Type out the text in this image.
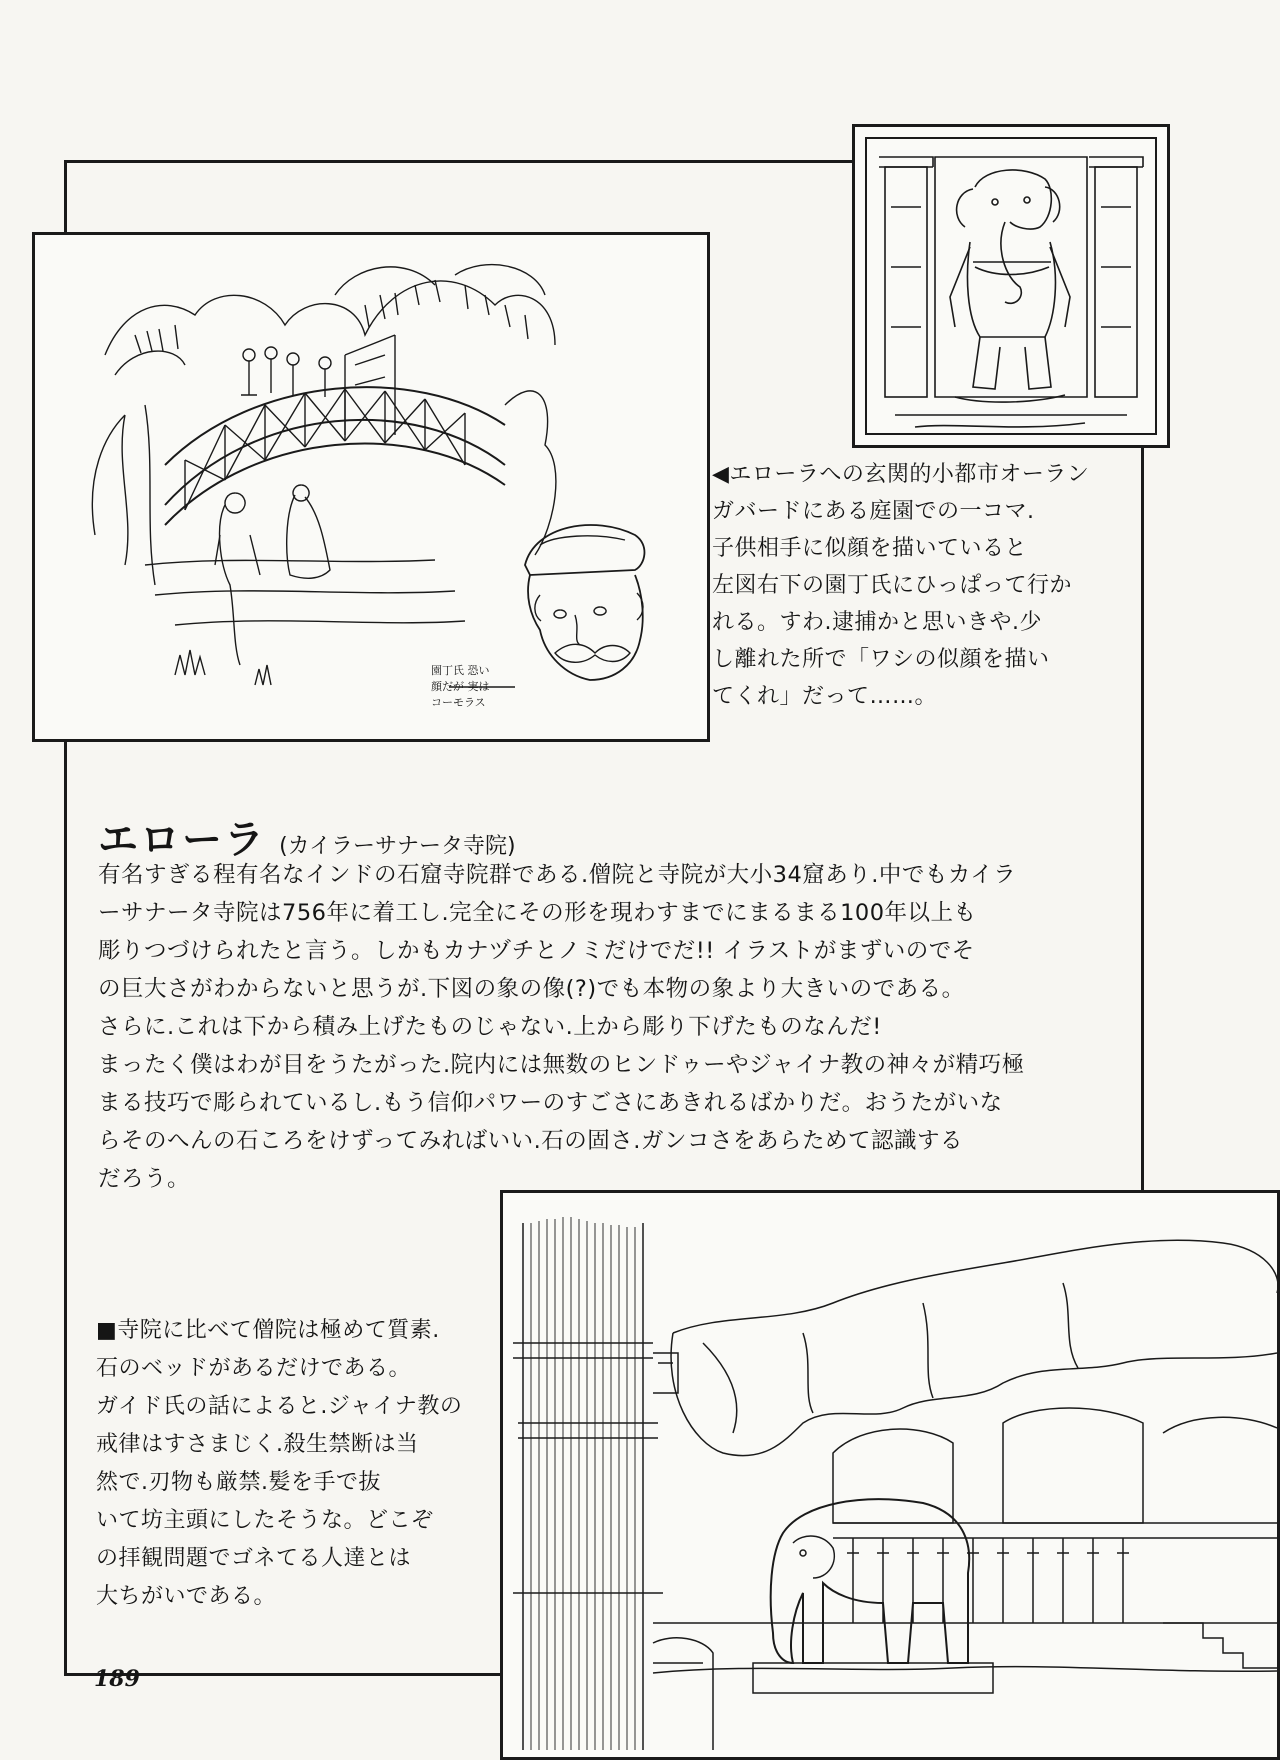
園丁氏 恐い
顔だが 実は
コーモラス
◀エローラへの玄関的小都市オーラン
ガバードにある庭園での一コマ.
子供相手に似顔を描いていると
左図右下の園丁氏にひっぱって行か
れる。すわ.逮捕かと思いきや.少
し離れた所で「ワシの似顔を描い
てくれ」だって……。
エローラ (カイラーサナータ寺院)

有名すぎる程有名なインドの石窟寺院群である.僧院と寺院が大小34窟あり.中でもカイラ

ーサナータ寺院は756年に着工し.完全にその形を現わすまでにまるまる100年以上も

彫りつづけられたと言う。しかもカナヅチとノミだけでだ!! イラストがまずいのでそ

の巨大さがわからないと思うが.下図の象の像(?)でも本物の象より大きいのである。

さらに.これは下から積み上げたものじゃない.上から彫り下げたものなんだ!

まったく僕はわが目をうたがった.院内には無数のヒンドゥーやジャイナ教の神々が精巧極

まる技巧で彫られているし.もう信仰パワーのすごさにあきれるばかりだ。おうたがいな

らそのへんの石ころをけずってみればいい.石の固さ.ガンコさをあらためて認識する

だろう。

■寺院に比べて僧院は極めて質素.

石のベッドがあるだけである。

ガイド氏の話によると.ジャイナ教の

戒律はすさまじく.殺生禁断は当

然で.刃物も厳禁.髪を手で抜

いて坊主頭にしたそうな。どこぞ

の拝観問題でゴネてる人達とは

大ちがいである。

189
